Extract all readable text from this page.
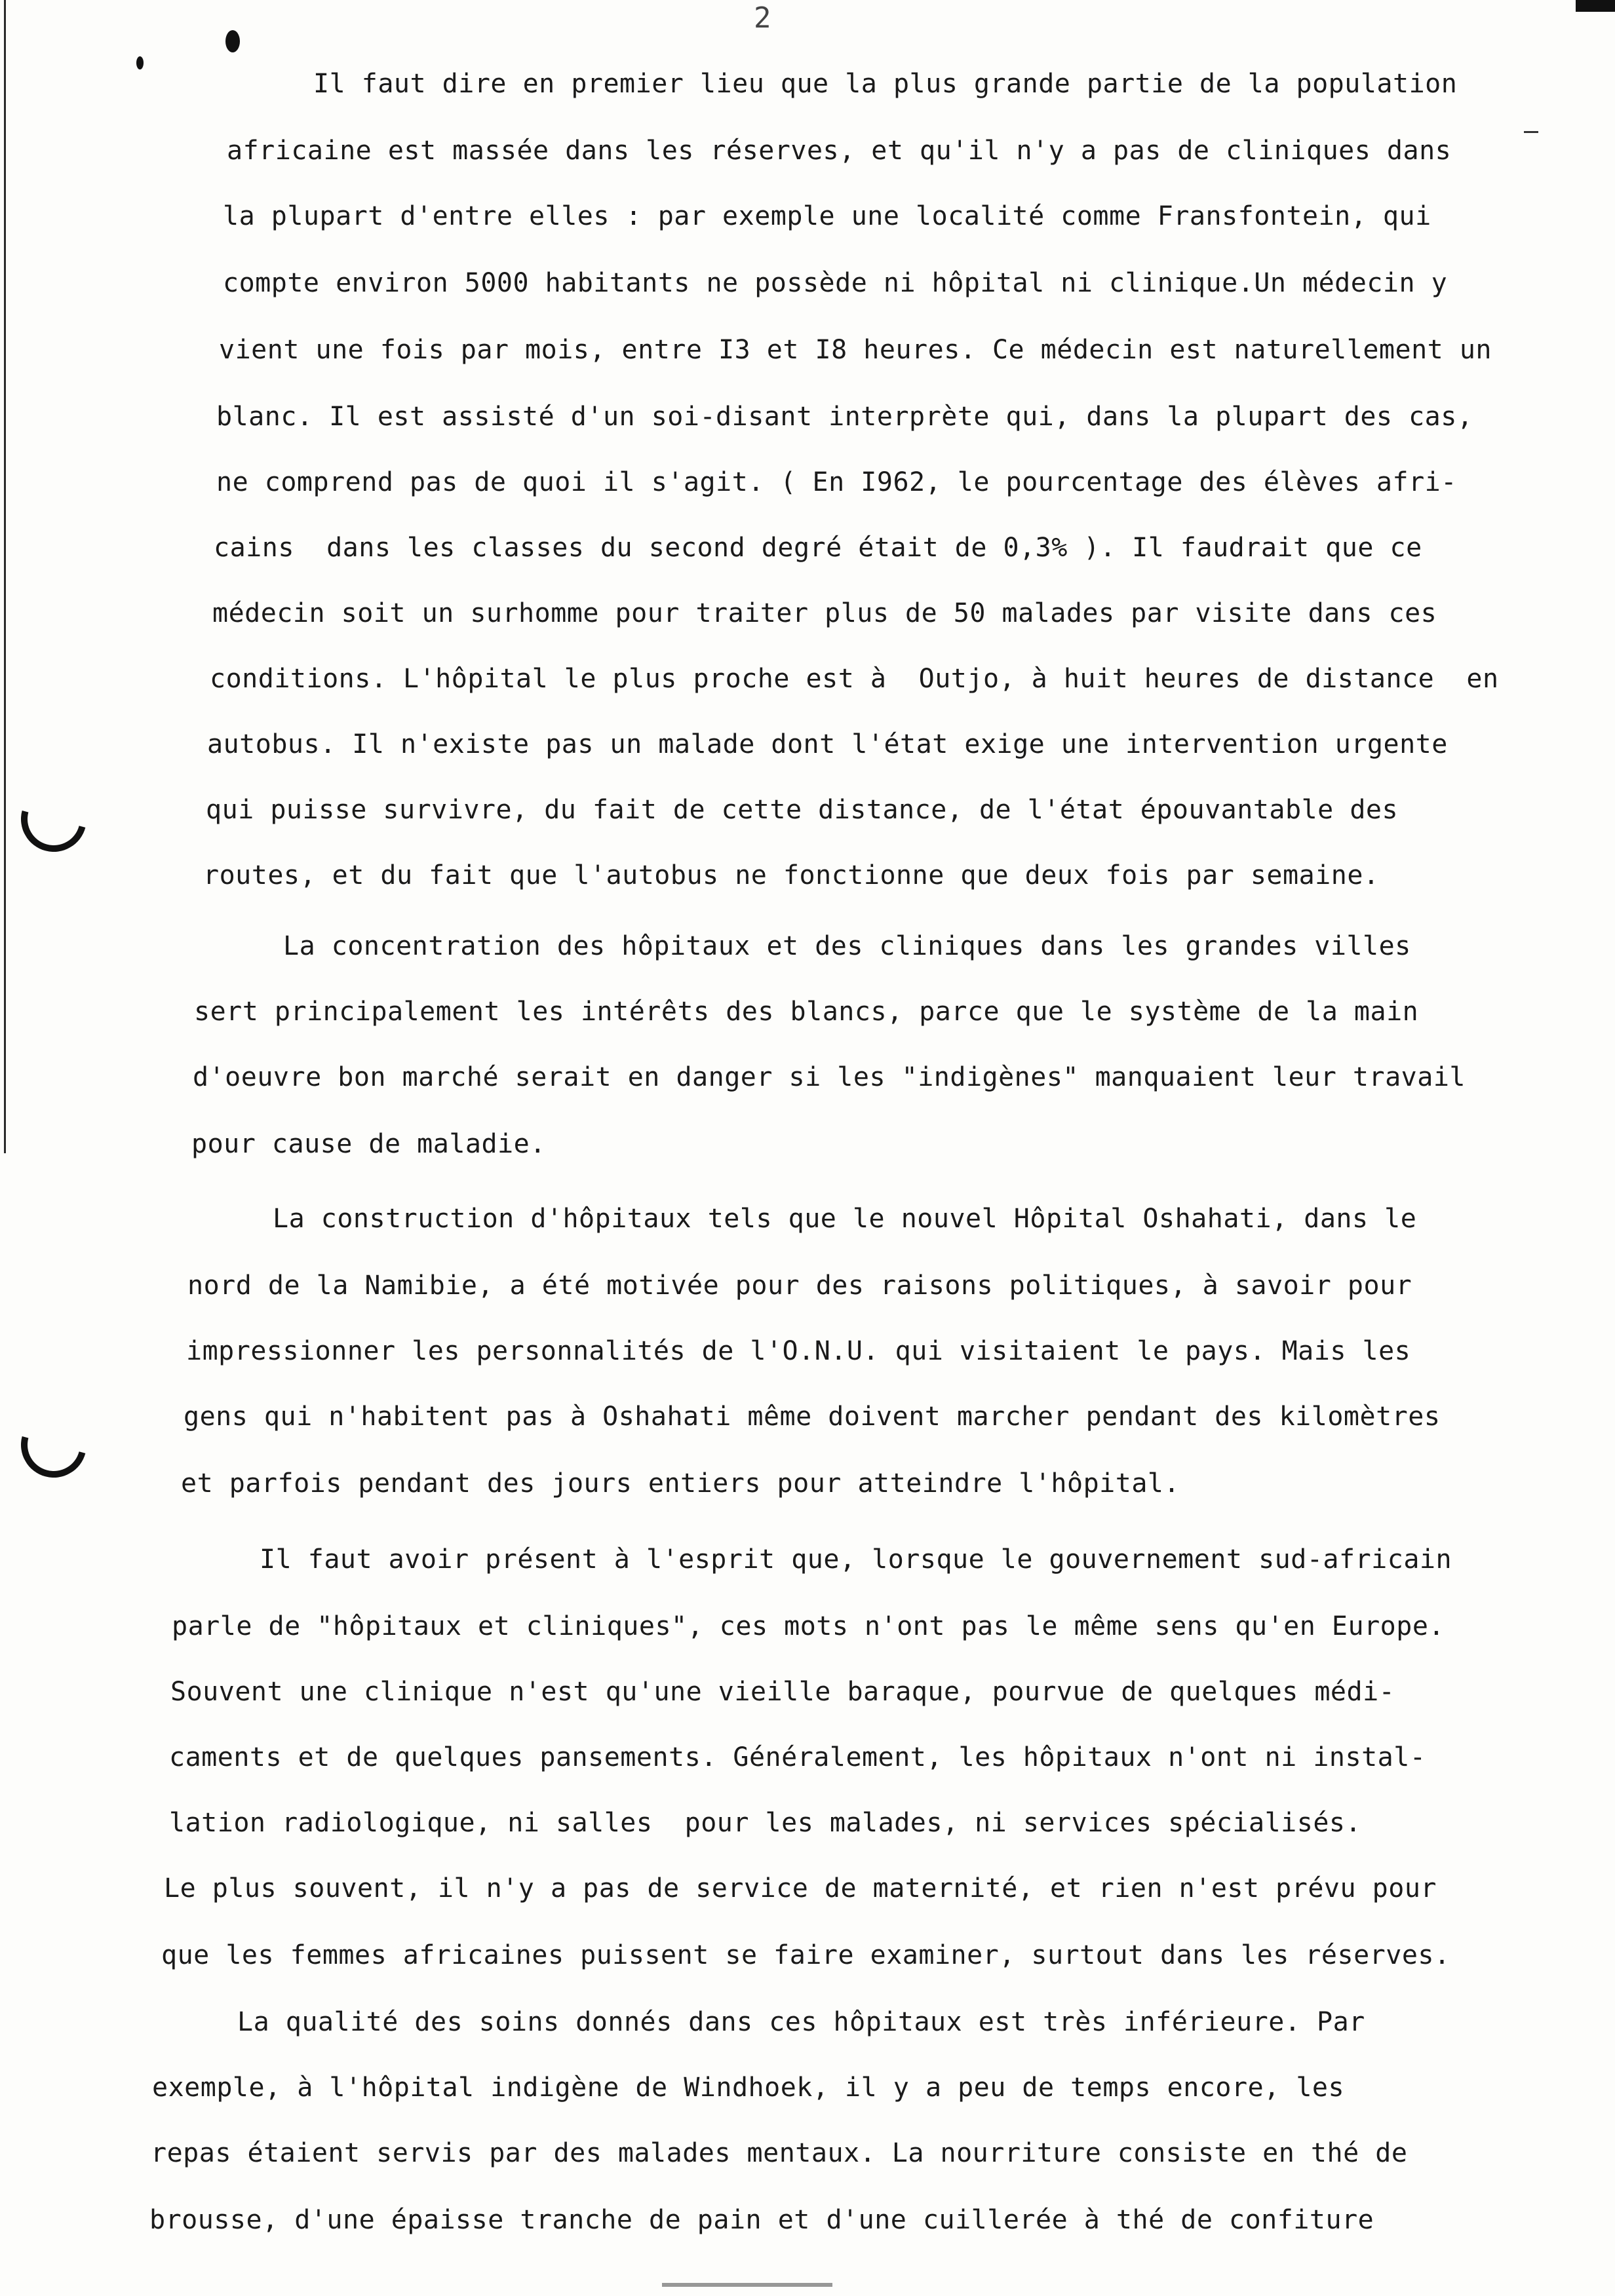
2
Il faut dire en premier lieu que la plus grande partie de la population
africaine est massée dans les réserves, et qu'il n'y a pas de cliniques dans
la plupart d'entre elles : par exemple une localité comme Fransfontein, qui
compte environ 5000 habitants ne possède ni hôpital ni clinique.Un médecin y
vient une fois par mois, entre I3 et I8 heures. Ce médecin est naturellement un
blanc. Il est assisté d'un soi-disant interprète qui, dans la plupart des cas,
ne comprend pas de quoi il s'agit. ( En I962, le pourcentage des élèves afri-
cains  dans les classes du second degré était de 0,3% ). Il faudrait que ce
médecin soit un surhomme pour traiter plus de 50 malades par visite dans ces
conditions. L'hôpital le plus proche est à  Outjo, à huit heures de distance  en
autobus. Il n'existe pas un malade dont l'état exige une intervention urgente
qui puisse survivre, du fait de cette distance, de l'état épouvantable des
routes, et du fait que l'autobus ne fonctionne que deux fois par semaine.
La concentration des hôpitaux et des cliniques dans les grandes villes
sert principalement les intérêts des blancs, parce que le système de la main
d'oeuvre bon marché serait en danger si les "indigènes" manquaient leur travail
pour cause de maladie.
La construction d'hôpitaux tels que le nouvel Hôpital Oshahati, dans le
nord de la Namibie, a été motivée pour des raisons politiques, à savoir pour
impressionner les personnalités de l'O.N.U. qui visitaient le pays. Mais les
gens qui n'habitent pas à Oshahati même doivent marcher pendant des kilomètres
et parfois pendant des jours entiers pour atteindre l'hôpital.
Il faut avoir présent à l'esprit que, lorsque le gouvernement sud-africain
parle de "hôpitaux et cliniques", ces mots n'ont pas le même sens qu'en Europe.
Souvent une clinique n'est qu'une vieille baraque, pourvue de quelques médi-
caments et de quelques pansements. Généralement, les hôpitaux n'ont ni instal-
lation radiologique, ni salles  pour les malades, ni services spécialisés.
Le plus souvent, il n'y a pas de service de maternité, et rien n'est prévu pour
que les femmes africaines puissent se faire examiner, surtout dans les réserves.
La qualité des soins donnés dans ces hôpitaux est très inférieure. Par
exemple, à l'hôpital indigène de Windhoek, il y a peu de temps encore, les
repas étaient servis par des malades mentaux. La nourriture consiste en thé de
brousse, d'une épaisse tranche de pain et d'une cuillerée à thé de confiture
